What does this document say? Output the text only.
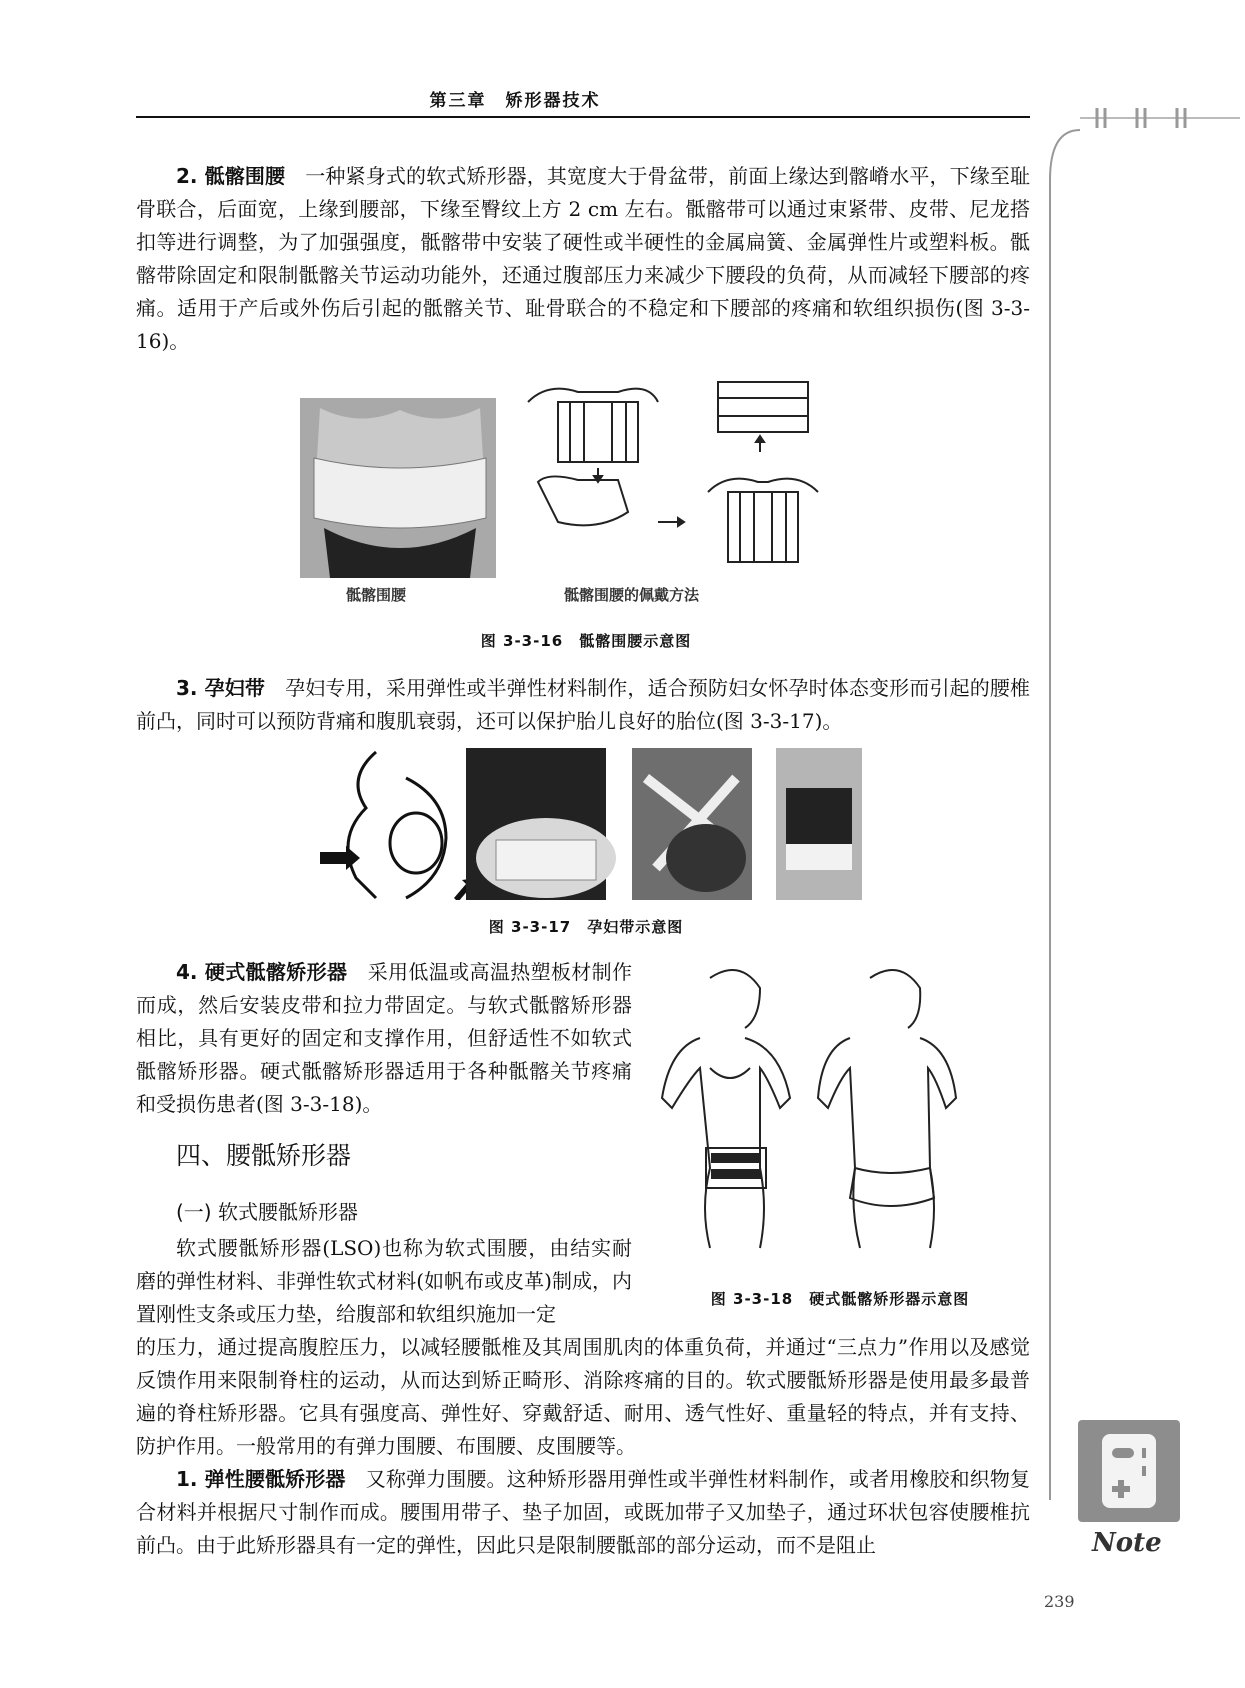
第三章　矫形器技术
Note

2. 骶髂围腰　一种紧身式的软式矫形器，其宽度大于骨盆带，前面上缘达到髂嵴水平，下缘至耻骨联合，后面宽，上缘到腰部，下缘至臀纹上方 2 cm 左右。骶髂带可以通过束紧带、皮带、尼龙搭扣等进行调整，为了加强强度，骶髂带中安装了硬性或半硬性的金属扁簧、金属弹性片或塑料板。骶髂带除固定和限制骶髂关节运动功能外，还通过腹部压力来减少下腰段的负荷，从而减轻下腰部的疼痛。适用于产后或外伤后引起的骶髂关节、耻骨联合的不稳定和下腰部的疼痛和软组织损伤(图 3-3-16)。

骶髂围腰	骶髂围腰的佩戴方法
图 3-3-16　骶髂围腰示意图

3. 孕妇带　孕妇专用，采用弹性或半弹性材料制作，适合预防妇女怀孕时体态变形而引起的腰椎前凸，同时可以预防背痛和腹肌衰弱，还可以保护胎儿良好的胎位(图 3-3-17)。

图 3-3-17　孕妇带示意图

4. 硬式骶髂矫形器　采用低温或高温热塑板材制作而成，然后安装皮带和拉力带固定。与软式骶髂矫形器相比，具有更好的固定和支撑作用，但舒适性不如软式骶髂矫形器。硬式骶髂矫形器适用于各种骶髂关节疼痛和受损伤患者(图 3-3-18)。

图 3-3-18　硬式骶髂矫形器示意图
四、腰骶矫形器
(一) 软式腰骶矫形器

软式腰骶矫形器(LSO)也称为软式围腰，由结实耐磨的弹性材料、非弹性软式材料(如帆布或皮革)制成，内置刚性支条或压力垫，给腹部和软组织施加一定

的压力，通过提高腹腔压力，以减轻腰骶椎及其周围肌肉的体重负荷，并通过“三点力”作用以及感觉反馈作用来限制脊柱的运动，从而达到矫正畸形、消除疼痛的目的。软式腰骶矫形器是使用最多最普遍的脊柱矫形器。它具有强度高、弹性好、穿戴舒适、耐用、透气性好、重量轻的特点，并有支持、防护作用。一般常用的有弹力围腰、布围腰、皮围腰等。

1. 弹性腰骶矫形器　又称弹力围腰。这种矫形器用弹性或半弹性材料制作，或者用橡胶和织物复合材料并根据尺寸制作而成。腰围用带子、垫子加固，或既加带子又加垫子，通过环状包容使腰椎抗前凸。由于此矫形器具有一定的弹性，因此只是限制腰骶部的部分运动，而不是阻止

239
